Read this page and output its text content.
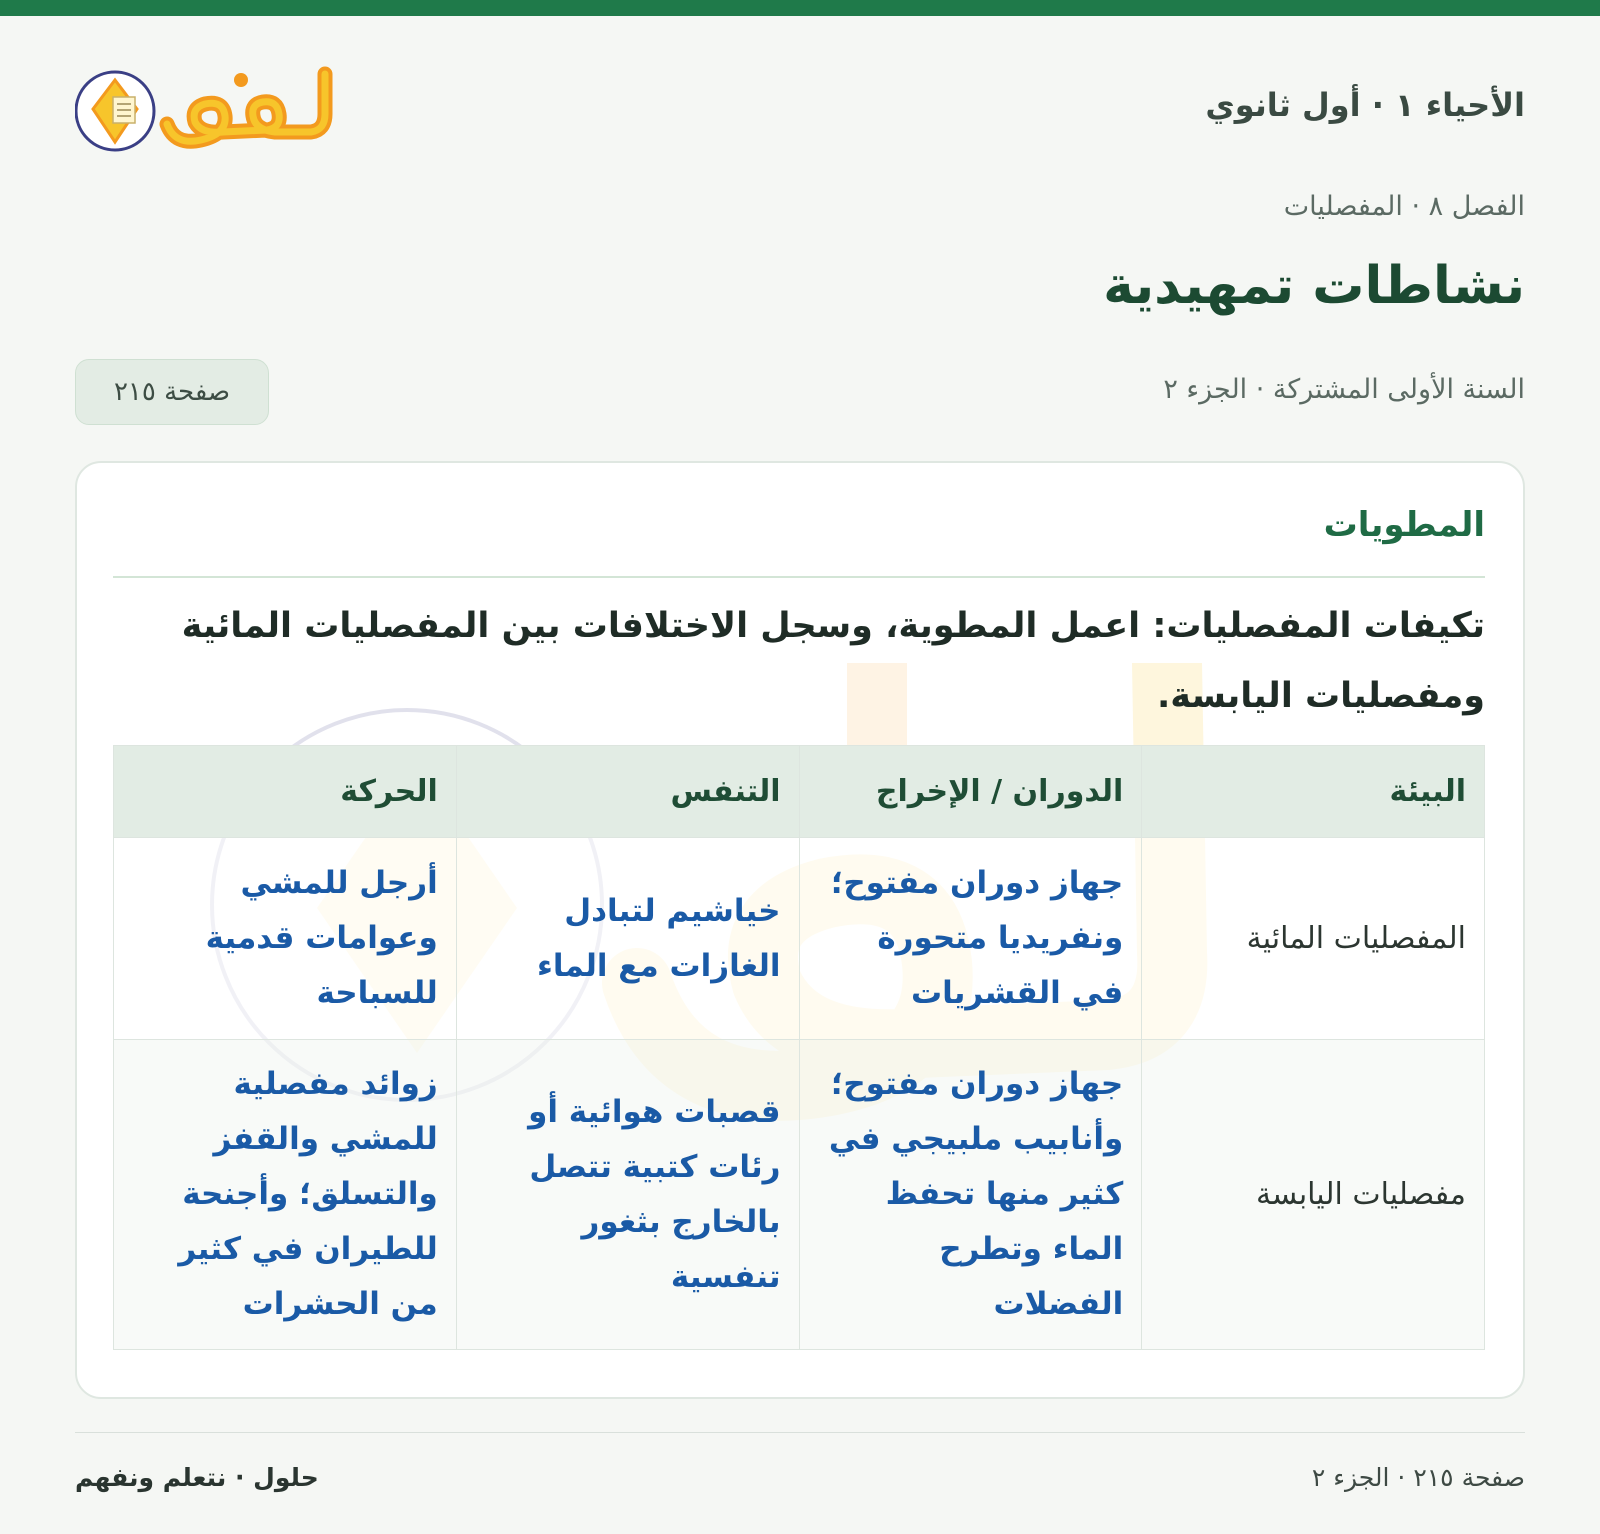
الأحياء ١ · أول ثانوي
الفصل ٨ · المفصليات
نشاطات تمهيدية
السنة الأولى المشتركة · الجزء ٢
صفحة ٢١٥
المطويات
تكيفات المفصليات: اعمل المطوية، وسجل الاختلافات بين المفصليات المائية ومفصليات اليابسة.
البيئة	الدوران / الإخراج	التنفس	الحركة
المفصليات المائية	جهاز دوران مفتوح؛ ونفريديا متحورة في القشريات	خياشيم لتبادل الغازات مع الماء	أرجل للمشي وعوامات قدمية للسباحة
مفصليات اليابسة	جهاز دوران مفتوح؛ وأنابيب ملبيجي في كثير منها تحفظ الماء وتطرح الفضلات	قصبات هوائية أو رئات كتبية تتصل بالخارج بثغور تنفسية	زوائد مفصلية للمشي والقفز والتسلق؛ وأجنحة للطيران في كثير من الحشرات
حلول · نتعلم ونفهم	صفحة ٢١٥ · الجزء ٢
